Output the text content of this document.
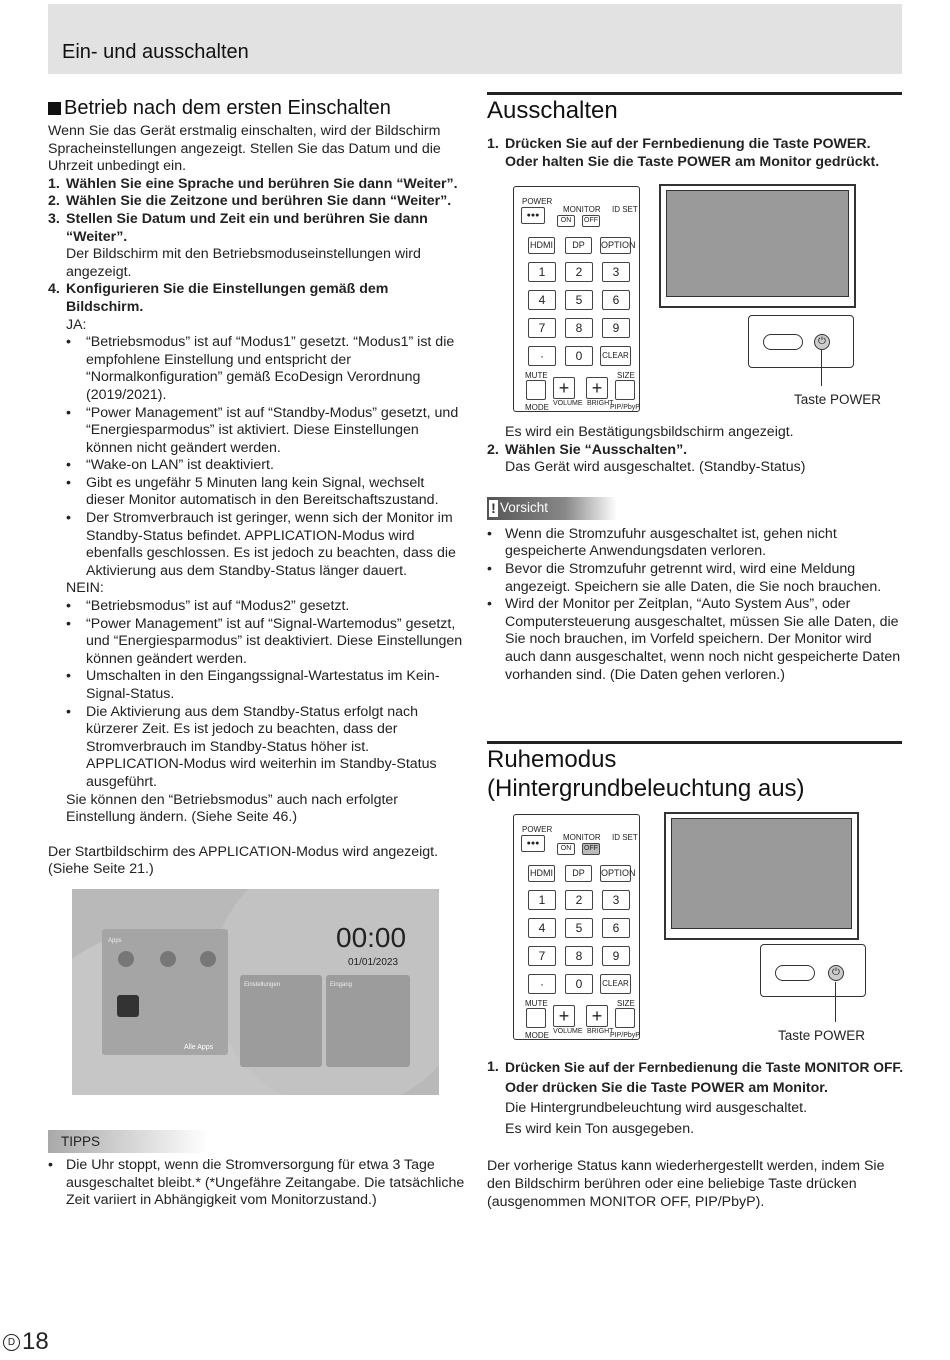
Ein- und ausschalten
Betrieb nach dem ersten Einschalten

Wenn Sie das Gerät erstmalig einschalten, wird der Bildschirm Spracheinstellungen angezeigt. Stellen Sie das Datum und die Uhrzeit unbedingt ein.

1. Wählen Sie eine Sprache und berühren Sie dann “Weiter”.
2. Wählen Sie die Zeitzone und berühren Sie dann “Weiter”.
3. Stellen Sie Datum und Zeit ein und berühren Sie dann “Weiter”.

Der Bildschirm mit den Betriebsmoduseinstellungen wird angezeigt.

4. Konfigurieren Sie die Einstellungen gemäß dem Bildschirm.

JA:

•	“Betriebsmodus” ist auf “Modus1” gesetzt. “Modus1” ist die empfohlene Einstellung und entspricht der “Normalkonfiguration” gemäß EcoDesign Verordnung (2019/2021).
•	“Power Management” ist auf “Standby-Modus” gesetzt, und “Energiesparmodus” ist aktiviert. Diese Einstellungen können nicht geändert werden.
•	“Wake-on LAN” ist deaktiviert.
•	Gibt es ungefähr 5 Minuten lang kein Signal, wechselt dieser Monitor automatisch in den Bereitschaftszustand.
•	Der Stromverbrauch ist geringer, wenn sich der Monitor im Standby-Status befindet. APPLICATION-Modus wird ebenfalls geschlossen. Es ist jedoch zu beachten, dass die Aktivierung aus dem Standby-Status länger dauert.

NEIN:

•	“Betriebsmodus” ist auf “Modus2” gesetzt.
•	“Power Management” ist auf “Signal-Wartemodus” gesetzt, und “Energiesparmodus” ist deaktiviert. Diese Einstellungen können geändert werden.
•	Umschalten in den Eingangssignal-Wartestatus im Kein-Signal-Status.
•	Die Aktivierung aus dem Standby-Status erfolgt nach kürzerer Zeit. Es ist jedoch zu beachten, dass der Stromverbrauch im Standby-Status höher ist. APPLICATION-Modus wird weiterhin im Standby-Status ausgeführt.

Sie können den “Betriebsmodus” auch nach erfolgter Einstellung ändern. (Siehe Seite 46.)

Der Startbildschirm des APPLICATION-Modus wird angezeigt. (Siehe Seite 21.)

Apps
Alle Apps
Einstellungen	Eingang
00:00
01/01/2023
TIPPS
• Die Uhr stoppt, wenn die Stromversorgung für etwa 3 Tage ausgeschaltet bleibt.* (*Ungefähre Zeitangabe. Die tatsächliche Zeit variiert in Abhängigkeit vom Monitorzustand.)
Ausschalten
1. Drücken Sie auf der Fernbedienung die Taste POWER. Oder halten Sie die Taste POWER am Monitor gedrückt.
POWER
●●●
MONITOR ID SET
ON	OFF
HDMI	DP	OPTION
1	2	3
4	5	6
7	8	9
·	0	CLEAR
MUTE	SIZE
+	+
MODE VOLUME BRIGHT
PIP/PbyP
⏻
Taste POWER

Es wird ein Bestätigungsbildschirm angezeigt.

2. Wählen Sie “Ausschalten”.

Das Gerät wird ausgeschaltet. (Standby-Status)

! Vorsicht
• Wenn die Stromzufuhr ausgeschaltet ist, gehen nicht gespeicherte Anwendungsdaten verloren.
• Bevor die Stromzufuhr getrennt wird, wird eine Meldung angezeigt. Speichern sie alle Daten, die Sie noch brauchen.
• Wird der Monitor per Zeitplan, “Auto System Aus”, oder Computersteuerung ausgeschaltet, müssen Sie alle Daten, die Sie noch brauchen, im Vorfeld speichern. Der Monitor wird auch dann ausgeschaltet, wenn noch nicht gespeicherte Daten vorhanden sind. (Die Daten gehen verloren.)
Ruhemodus
(Hintergrundbeleuchtung aus)
POWER
●●●
MONITOR ID SET
ON	OFF
HDMI	DP	OPTION
1	2	3
4	5	6
7	8	9
·	0	CLEAR
MUTE	SIZE
+	+
MODE VOLUME BRIGHT
PIP/PbyP
⏻
Taste POWER
1. Drücken Sie auf der Fernbedienung die Taste MONITOR OFF.

Oder drücken Sie die Taste POWER am Monitor.

Die Hintergrundbeleuchtung wird ausgeschaltet.

Es wird kein Ton ausgegeben.

Der vorherige Status kann wiederhergestellt werden, indem Sie den Bildschirm berühren oder eine beliebige Taste drücken (ausgenommen MONITOR OFF, PIP/PbyP).

D 18
